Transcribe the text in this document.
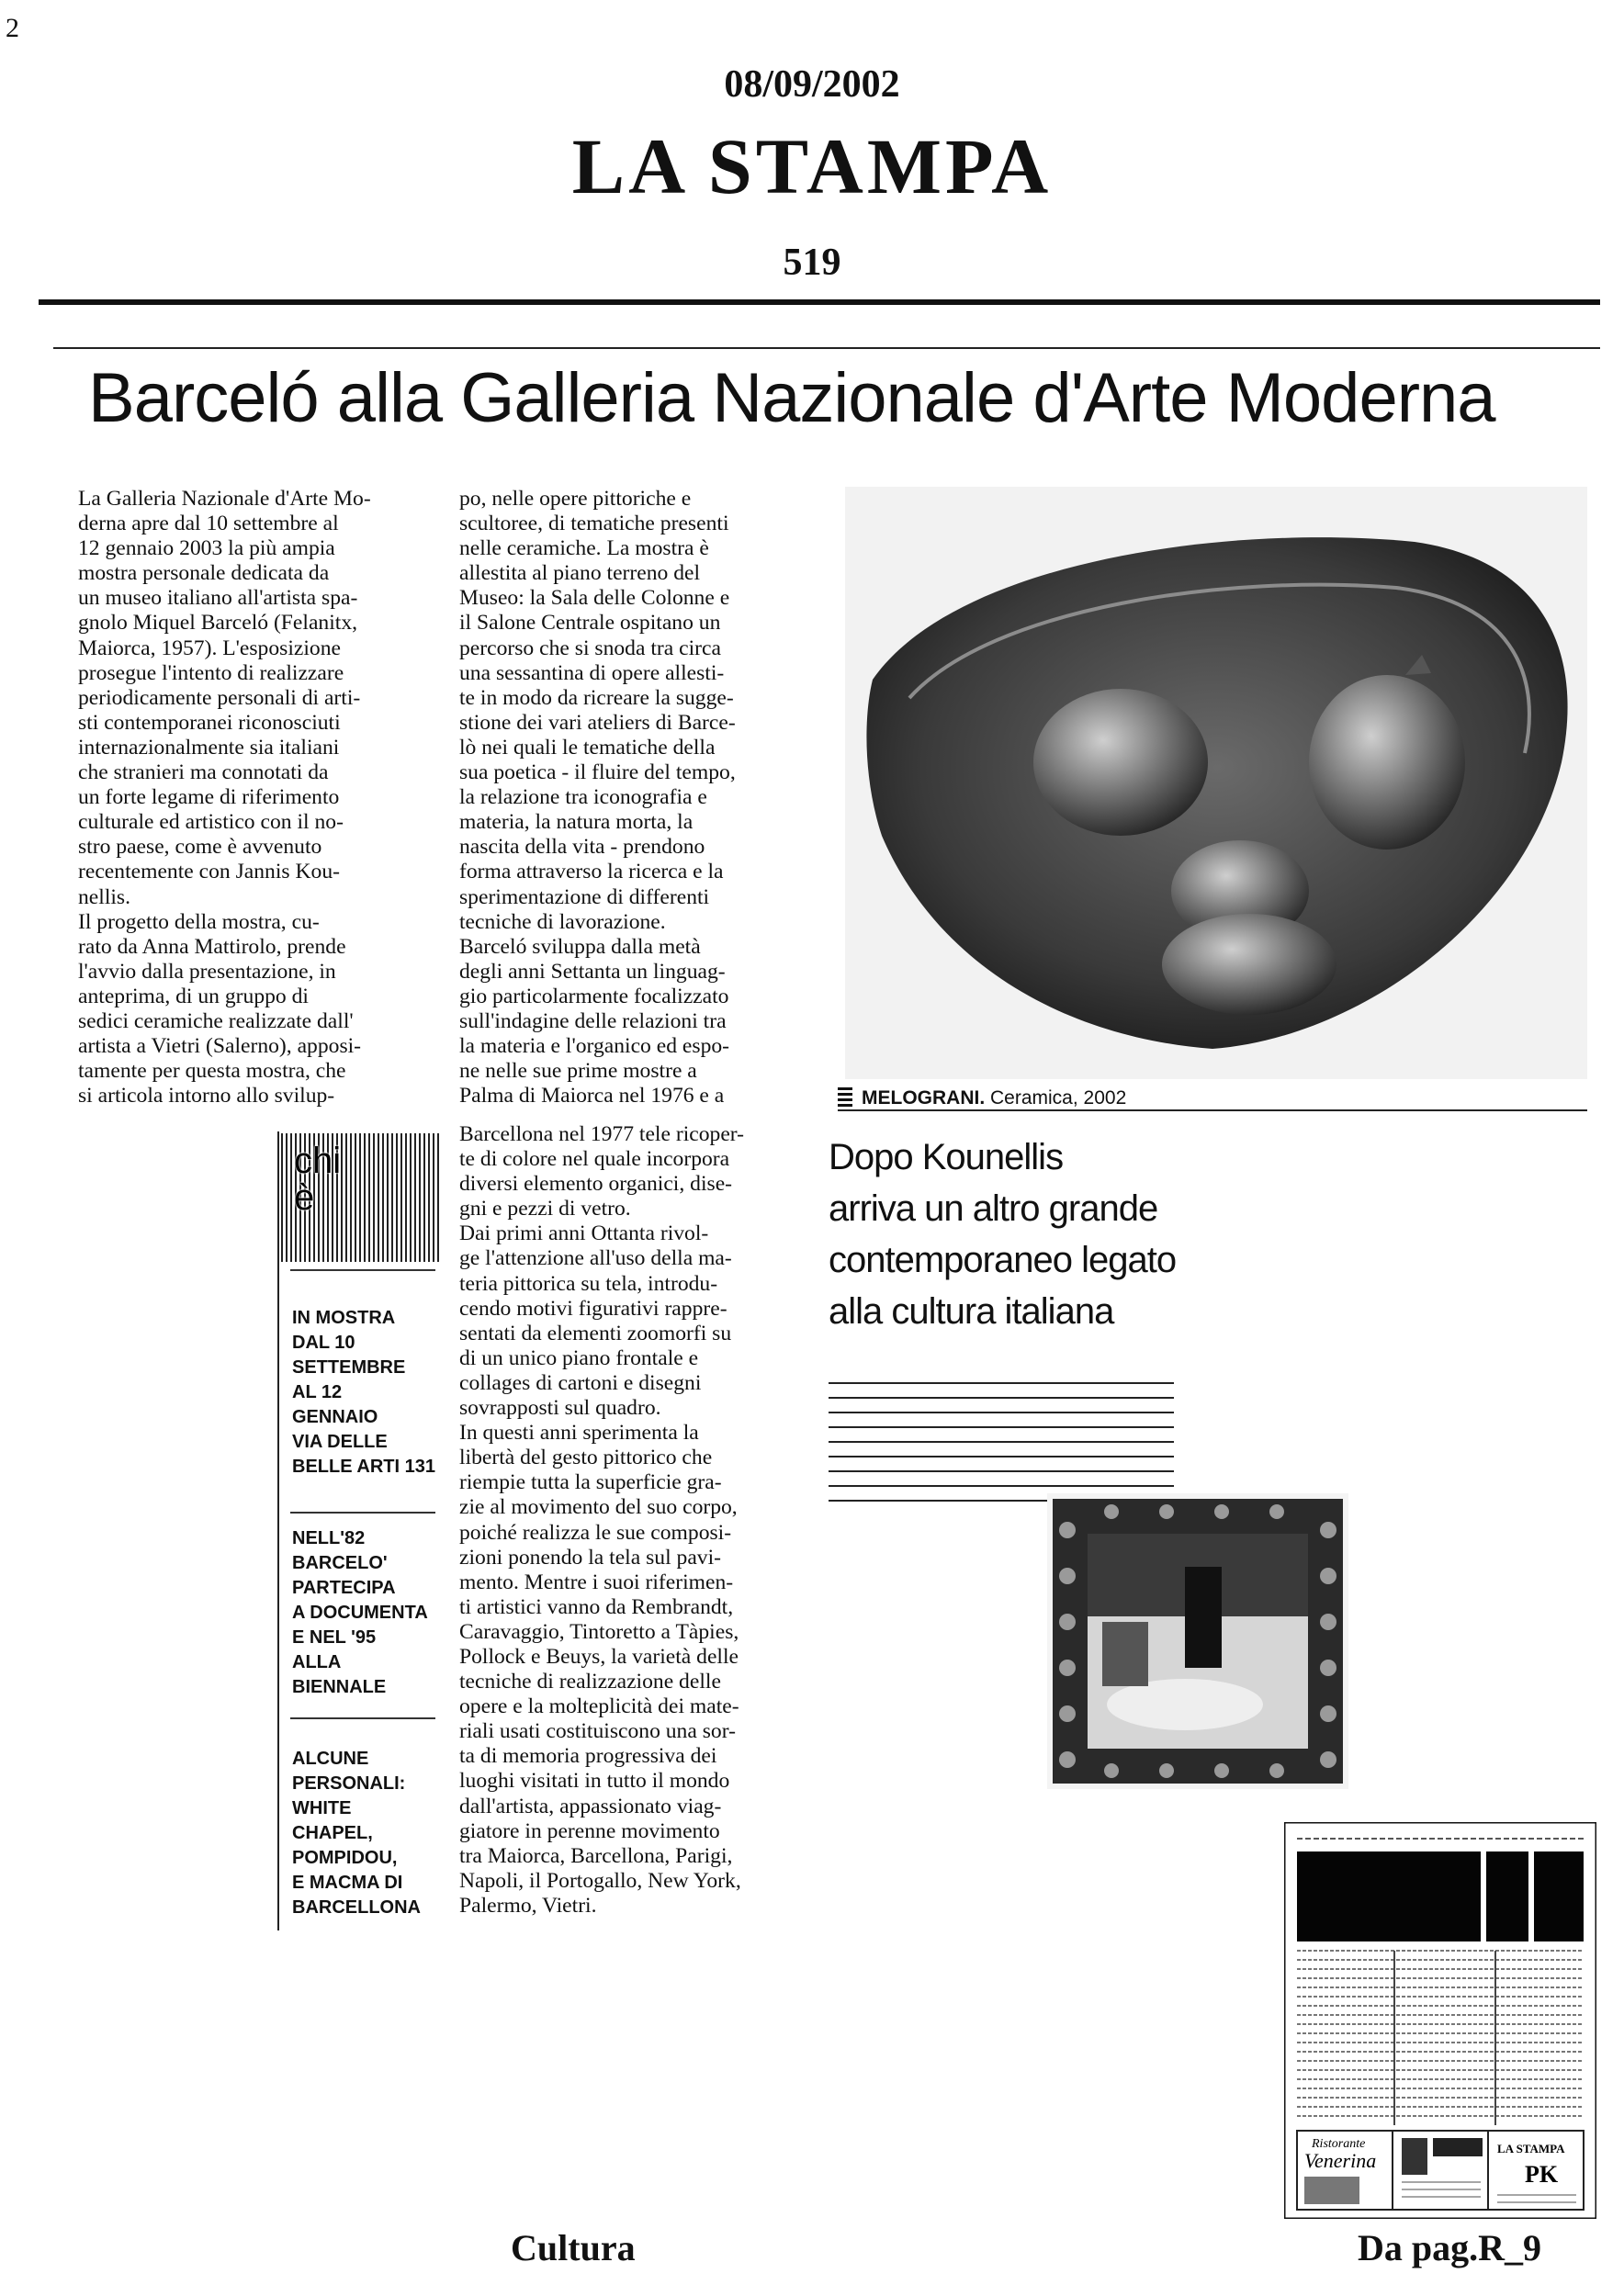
2
08/09/2002
LA STAMPA
519
Barceló alla Galleria Nazionale d'Arte Moderna
La Galleria Nazionale d'Arte Mo-
derna apre dal 10 settembre al
12 gennaio 2003 la più ampia
mostra personale dedicata da
un museo italiano all'artista spa-
gnolo Miquel Barceló (Felanitx,
Maiorca, 1957). L'esposizione
prosegue l'intento di realizzare
periodicamente personali di arti-
sti contemporanei riconosciuti
internazionalmente sia italiani
che stranieri ma connotati da
un forte legame di riferimento
culturale ed artistico con il no-
stro paese, come è avvenuto
recentemente con Jannis Kou-
nellis.
Il progetto della mostra, cu-
rato da Anna Mattirolo, prende
l'avvio dalla presentazione, in
anteprima, di un gruppo di
sedici ceramiche realizzate dall'
artista a Vietri (Salerno), apposi-
tamente per questa mostra, che
si articola intorno allo svilup-
po, nelle opere pittoriche e
scultoree, di tematiche presenti
nelle ceramiche. La mostra è
allestita al piano terreno del
Museo: la Sala delle Colonne e
il Salone Centrale ospitano un
percorso che si snoda tra circa
una sessantina di opere allesti-
te in modo da ricreare la sugge-
stione dei vari ateliers di Barce-
lò nei quali le tematiche della
sua poetica - il fluire del tempo,
la relazione tra iconografia e
materia, la natura morta, la
nascita della vita - prendono
forma attraverso la ricerca e la
sperimentazione di differenti
tecniche di lavorazione.
Barceló sviluppa dalla metà
degli anni Settanta un linguag-
gio particolarmente focalizzato
sull'indagine delle relazioni tra
la materia e l'organico ed espo-
ne nelle sue prime mostre a
Palma di Maiorca nel 1976 e a	MELOGRANI. Ceramica, 2002
Barcellona nel 1977 tele ricoper-
te di colore nel quale incorpora
diversi elemento organici, dise-
gni e pezzi di vetro.
Dai primi anni Ottanta rivol-
ge l'attenzione all'uso della ma-
teria pittorica su tela, introdu-
cendo motivi figurativi rappre-
sentati da elementi zoomorfi su
di un unico piano frontale e
collages di cartoni e disegni
sovrapposti sul quadro.
In questi anni sperimenta la
libertà del gesto pittorico che
riempie tutta la superficie gra-
zie al movimento del suo corpo,
poiché realizza le sue composi-
zioni ponendo la tela sul pavi-
mento. Mentre i suoi riferimen-
ti artistici vanno da Rembrandt,
Caravaggio, Tintoretto a Tàpies,
Pollock e Beuys, la varietà delle
tecniche di realizzazione delle
opere e la molteplicità dei mate-
riali usati costituiscono una sor-
ta di memoria progressiva dei
luoghi visitati in tutto il mondo
dall'artista, appassionato viag-
giatore in perenne movimento
tra Maiorca, Barcellona, Parigi,
Napoli, il Portogallo, New York,
Palermo, Vietri.
chi
è
IN MOSTRA
DAL 10
SETTEMBRE
AL 12
GENNAIO
VIA DELLE
BELLE ARTI 131
NELL'82
BARCELO'
PARTECIPA
A DOCUMENTA
E NEL '95
ALLA
BIENNALE
ALCUNE
PERSONALI:
WHITE
CHAPEL,
POMPIDOU,
E MACMA DI
BARCELLONA
Dopo Kounellis
arriva un altro grande
contemporaneo legato
alla cultura italiana
Ristorante
Venerina
LA STAMPA
PK
Cultura	Da pag.R_9
